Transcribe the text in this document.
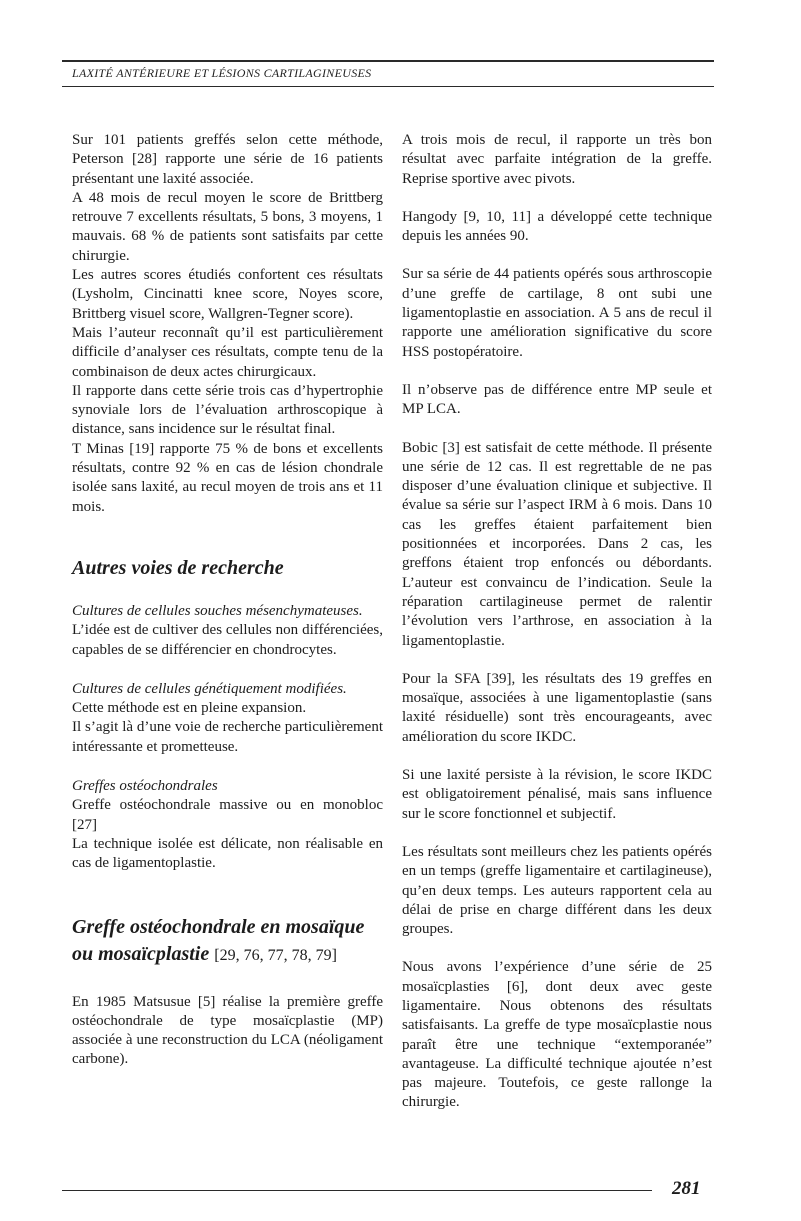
LAXITÉ ANTÉRIEURE ET LÉSIONS CARTILAGINEUSES

Sur 101 patients greffés selon cette méthode, Peterson [28] rapporte une série de 16 patients présentant une laxité associée.

A 48 mois de recul moyen le score de Brittberg retrouve 7 excellents résultats, 5 bons, 3 moyens, 1 mauvais. 68 % de patients sont satisfaits par cette chirurgie.

Les autres scores étudiés confortent ces résultats (Lysholm, Cincinatti knee score, Noyes score, Brittberg visuel score, Wallgren-Tegner score).

Mais l’auteur reconnaît qu’il est particulièrement difficile d’analyser ces résultats, compte tenu de la combinaison de deux actes chirurgicaux.

Il rapporte dans cette série trois cas d’hypertrophie synoviale lors de l’évaluation arthroscopique à distance, sans incidence sur le résultat final.

T Minas [19] rapporte 75 % de bons et excellents résultats, contre 92 % en cas de lésion chondrale isolée sans laxité, au recul moyen de trois ans et 11 mois.

Autres voies de recherche

Cultures de cellules souches mésenchymateuses.

L’idée est de cultiver des cellules non différenciées, capables de se différencier en chondrocytes.

Cultures de cellules génétiquement modifiées.

Cette méthode est en pleine expansion.

Il s’agit là d’une voie de recherche particulièrement intéressante et prometteuse.

Greffes ostéochondrales

Greffe ostéochondrale massive ou en monobloc [27]

La technique isolée est délicate, non réalisable en cas de ligamentoplastie.

Greffe ostéochondrale en mosaïque ou mosaïcplastie [29, 76, 77, 78, 79]

En 1985 Matsusue [5] réalise la première greffe ostéochondrale de type mosaïcplastie (MP) associée à une reconstruction du LCA (néoligament carbone).

A trois mois de recul, il rapporte un très bon résultat avec parfaite intégration de la greffe. Reprise sportive avec pivots.

Hangody [9, 10, 11] a développé cette technique depuis les années 90.

Sur sa série de 44 patients opérés sous arthroscopie d’une greffe de cartilage, 8 ont subi une ligamentoplastie en association. A 5 ans de recul il rapporte une amélioration significative du score HSS postopératoire.

Il n’observe pas de différence entre MP seule et MP LCA.

Bobic [3] est satisfait de cette méthode. Il présente une série de 12 cas. Il est regrettable de ne pas disposer d’une évaluation clinique et subjective. Il évalue sa série sur l’aspect IRM à 6 mois. Dans 10 cas les greffes étaient parfaitement bien positionnées et incorporées. Dans 2 cas, les greffons étaient trop enfoncés ou débordants. L’auteur est convaincu de l’indication. Seule la réparation cartilagineuse permet de ralentir l’évolution vers l’arthrose, en association à la ligamentoplastie.

Pour la SFA [39], les résultats des 19 greffes en mosaïque, associées à une ligamentoplastie (sans laxité résiduelle) sont très encourageants, avec amélioration du score IKDC.

Si une laxité persiste à la révision, le score IKDC est obligatoirement pénalisé, mais sans influence sur le score fonctionnel et subjectif.

Les résultats sont meilleurs chez les patients opérés en un temps (greffe ligamentaire et cartilagineuse), qu’en deux temps. Les auteurs rapportent cela au délai de prise en charge différent dans les deux groupes.

Nous avons l’expérience d’une série de 25 mosaïcplasties [6], dont deux avec geste ligamentaire. Nous obtenons des résultats satisfaisants. La greffe de type mosaïcplastie nous paraît être une technique “extemporanée” avantageuse. La difficulté technique ajoutée n’est pas majeure. Toutefois, ce geste rallonge la chirurgie.

281
